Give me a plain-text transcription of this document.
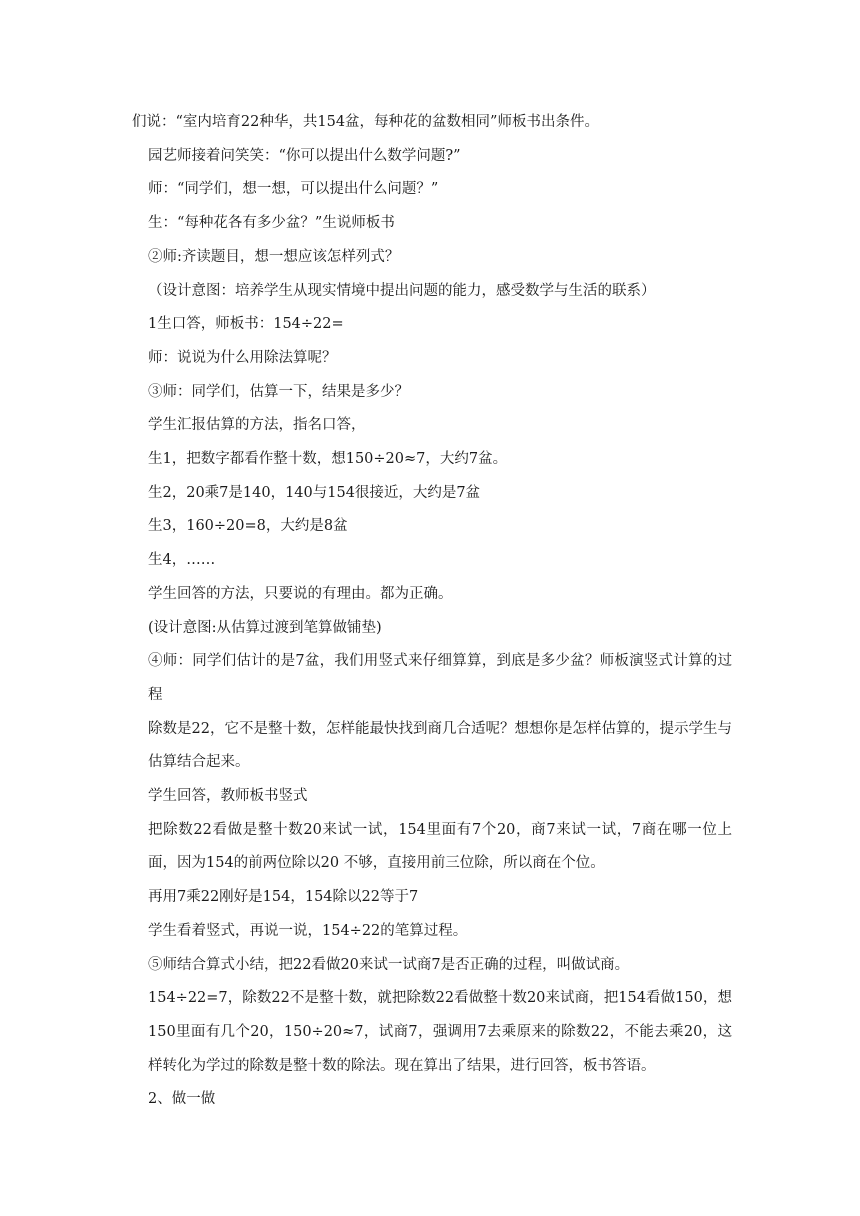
们说：“室内培育22种华，共154盆，每种花的盆数相同”师板书出条件。

园艺师接着问笑笑：“你可以提出什么数学问题?”

师：“同学们，想一想，可以提出什么问题？”

生：“每种花各有多少盆？”生说师板书

②师:齐读题目，想一想应该怎样列式？

（设计意图：培养学生从现实情境中提出问题的能力，感受数学与生活的联系）

1生口答，师板书：154÷22=

师：说说为什么用除法算呢？

③师：同学们，估算一下，结果是多少？

学生汇报估算的方法，指名口答，

生1，把数字都看作整十数，想150÷20≈7，大约7盆。

生2，20乘7是140，140与154很接近，大约是7盆

生3，160÷20=8，大约是8盆

生4，……

学生回答的方法，只要说的有理由。都为正确。

(设计意图:从估算过渡到笔算做铺垫)

④师：同学们估计的是7盆，我们用竖式来仔细算算，到底是多少盆？师板演竖式计算的过程

除数是22，它不是整十数，怎样能最快找到商几合适呢？想想你是怎样估算的，提示学生与估算结合起来。

学生回答，教师板书竖式

把除数22看做是整十数20来试一试，154里面有7个20，商7来试一试，7商在哪一位上面，因为154的前两位除以20 不够，直接用前三位除，所以商在个位。

再用7乘22刚好是154，154除以22等于7

学生看着竖式，再说一说，154÷22的笔算过程。

⑤师结合算式小结，把22看做20来试一试商7是否正确的过程，叫做试商。

154÷22=7，除数22不是整十数，就把除数22看做整十数20来试商，把154看做150，想150里面有几个20，150÷20≈7，试商7，强调用7去乘原来的除数22，不能去乘20，这样转化为学过的除数是整十数的除法。现在算出了结果，进行回答，板书答语。

2、做一做
